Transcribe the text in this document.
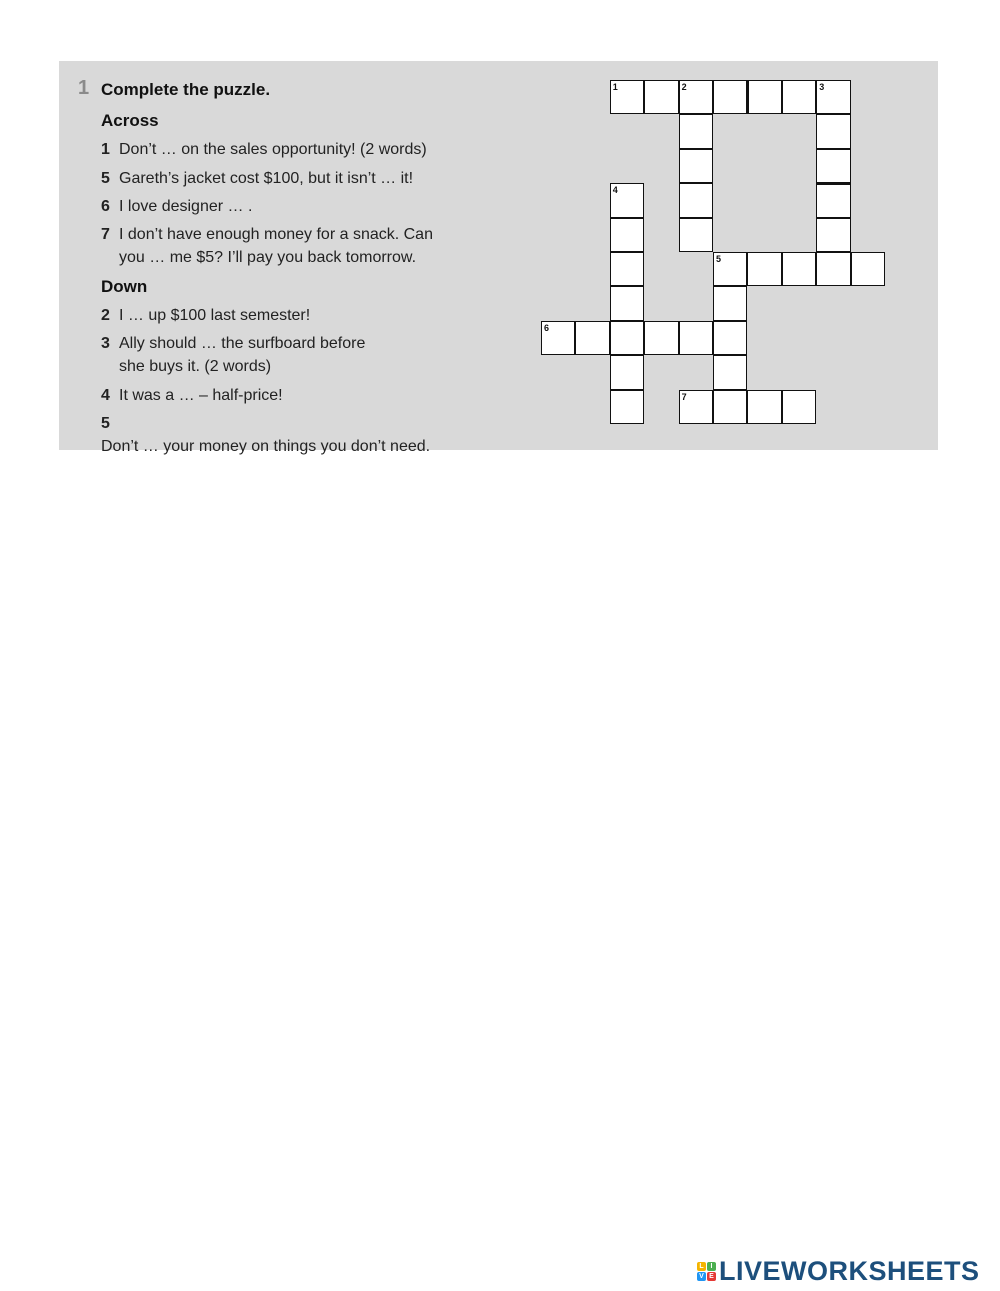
1 Complete the puzzle.
Across
1 Don’t … on the sales opportunity! (2 words)
5 Gareth’s jacket cost $100, but it isn’t … it!
6 I love designer … .
7 I don’t have enough money for a snack. Can you … me $5? I’ll pay you back tomorrow.
Down
2 I … up $100 last semester!
3 Ally should … the surfboard before she buys it. (2 words)
4 It was a … – half-price!
5Don’t … your money on things you don’t need.
1	2	3
4
5
6
7
L I
V E LIVEWORKSHEETS
